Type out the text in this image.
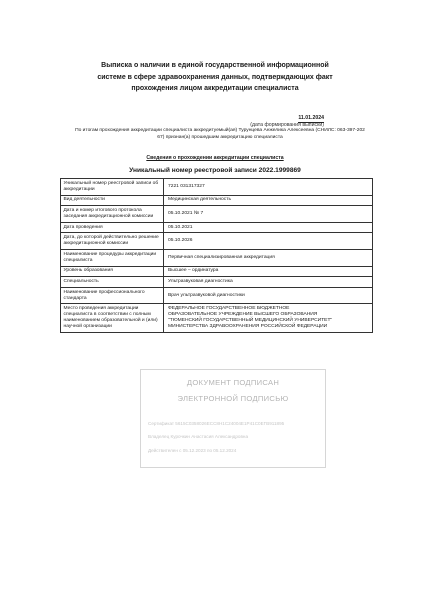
Выписка о наличии в единой государственной информационной
системе в сфере здравоохранения данных, подтверждающих факт
прохождения лицом аккредитации специалиста
11.01.2024
(дата формирования выписки)
По итогам прохождения аккредитации специалиста аккредитуемый(ая) Турунцева Анжелика Алексеевна (СНИЛС: 063-397-202
67) признан(а) прошедшим аккредитацию специалиста
Сведения о прохождении аккредитации специалиста
Уникальный номер реестровой записи 2022.1999869
Уникальный номер реестровой записи об аккредитации	7221 031317327
Вид деятельности	Медицинская деятельность
Дата и номер итогового протокола заседания аккредитационной комиссии	05.10.2021 № 7
Дата проведения	05.10.2021
Дата, до которой действительно решение аккредитационной комиссии	05.10.2026
Наименование процедуры аккредитации специалиста	Первичная специализированная аккредитация
Уровень образования	Высшее – ординатура
Специальность	Ультразвуковая диагностика
Наименование профессионального стандарта	Врач ультразвуковой диагностики
Место проведения аккредитации специалиста в соответствии с полным наименованием образовательной и (или) научной организации	ФЕДЕРАЛЬНОЕ ГОСУДАРСТВЕННОЕ БЮДЖЕТНОЕ
ОБРАЗОВАТЕЛЬНОЕ УЧРЕЖДЕНИЕ ВЫСШЕГО ОБРАЗОВАНИЯ
"ТЮМЕНСКИЙ ГОСУДАРСТВЕННЫЙ МЕДИЦИНСКИЙ УНИВЕРСИТЕТ"
МИНИСТЕРСТВА ЗДРАВООХРАНЕНИЯ РОССИЙСКОЙ ФЕДЕРАЦИИ
ДОКУМЕНТ ПОДПИСАН
ЭЛЕКТРОННОЙ ПОДПИСЬЮ
Сертификат 5615С0358026ЕСС8Н1С24004Е1Р41С0ЕГВ911895
Владелец Курочкин Анастасия Александровна
Действителен с 05.12.2023 по 05.12.2024
